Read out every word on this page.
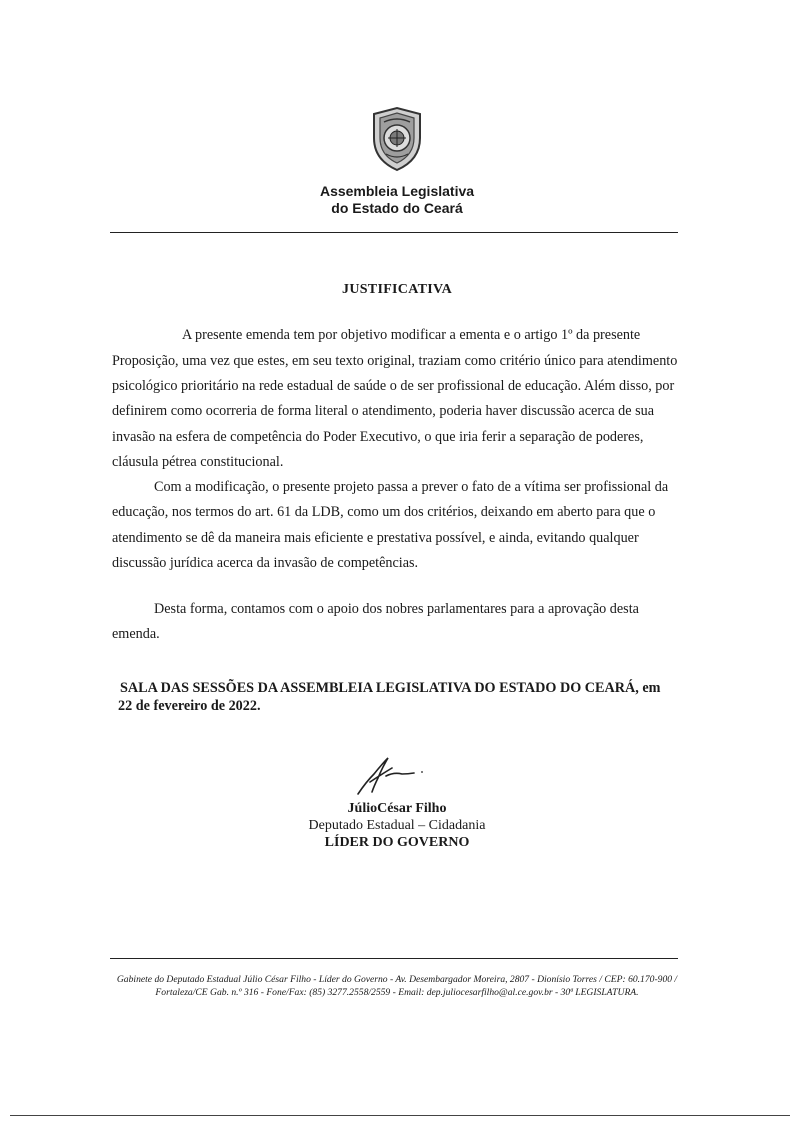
Assembleia Legislativa
do Estado do Ceará
JUSTIFICATIVA
A presente emenda tem por objetivo modificar a ementa e o artigo 1º da presente
Proposição, uma vez que estes, em seu texto original, traziam como critério único para atendimento
psicológico prioritário na rede estadual de saúde o de ser profissional de educação. Além disso, por
definirem como ocorreria de forma literal o atendimento, poderia haver discussão acerca de sua
invasão na esfera de competência do Poder Executivo, o que iria ferir a separação de poderes,
cláusula pétrea constitucional.
Com a modificação, o presente projeto passa a prever o fato de a vítima ser profissional da
educação, nos termos do art. 61 da LDB, como um dos critérios, deixando em aberto para que o
atendimento se dê da maneira mais eficiente e prestativa possível, e ainda, evitando qualquer
discussão jurídica acerca da invasão de competências.
Desta forma, contamos com o apoio dos nobres parlamentares para a aprovação desta
emenda.
SALA DAS SESSÕES DA ASSEMBLEIA LEGISLATIVA DO ESTADO DO CEARÁ, em
22 de fevereiro de 2022.
JúlioCésar Filho
Deputado Estadual – Cidadania
LÍDER DO GOVERNO
Gabinete do Deputado Estadual Júlio César Filho - Líder do Governo - Av. Desembargador Moreira, 2807 - Dionísio Torres / CEP: 60.170-900 /
Fortaleza/CE Gab. n.º 316 - Fone/Fax: (85) 3277.2558/2559 - Email: dep.juliocesarfilho@al.ce.gov.br - 30ª LEGISLATURA.
